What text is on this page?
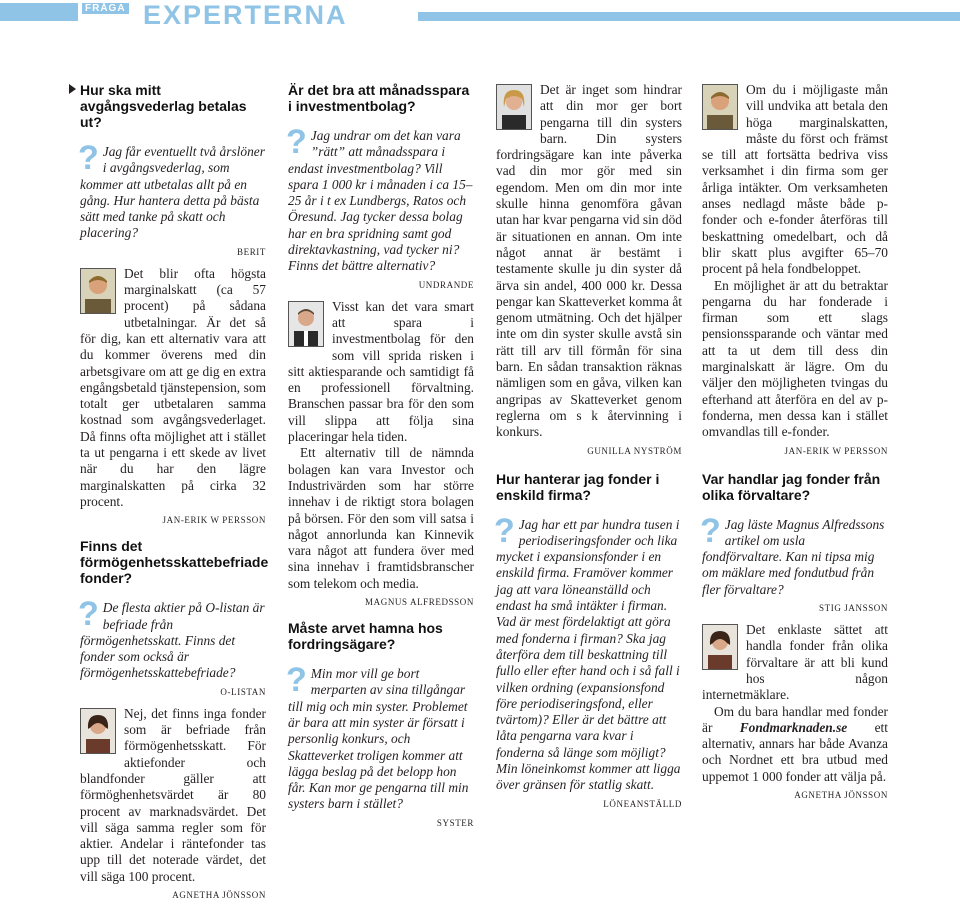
FRÅGA EXPERTERNA
Hur ska mitt avgångsvederlag betalas ut?

? Jag får eventuellt två årslöner i avgångsvederlag, som kommer att utbetalas allt på en gång. Hur hantera detta på bästa sätt med tanke på skatt och placering?

BERIT

Det blir ofta högsta marginalskatt (ca 57 procent) på sådana utbetalningar. Är det så för dig, kan ett alternativ vara att du kommer överens med din arbetsgivare om att ge dig en extra engångsbetald tjänstepension, som totalt ger utbetalaren samma kostnad som avgångsvederlaget. Då finns ofta möjlighet att i stället ta ut pengarna i ett skede av livet när du har den lägre marginalskatten på cirka 32 procent.

JAN-ERIK W PERSSON
Finns det förmögenhetsskattebefriade fonder?

? De flesta aktier på O-listan är befriade från förmögenhetsskatt. Finns det fonder som också är förmögenhetsskattebefriade?

O-LISTAN

Nej, det finns inga fonder som är befriade från förmögenhetsskatt. För aktiefonder och blandfonder gäller att förmöghenhetsvärdet är 80 procent av marknadsvärdet. Det vill säga samma regler som för aktier. Andelar i räntefonder tas upp till det noterade värdet, det vill säga 100 procent.

AGNETHA JÖNSSON
Är det bra att månadsspara i investmentbolag?

? Jag undrar om det kan vara ”rätt” att månadsspara i endast investmentbolag? Vill spara 1 000 kr i månaden i ca 15–25 år i t ex Lundbergs, Ratos och Öresund. Jag tycker dessa bolag har en bra spridning samt god direktavkastning, vad tycker ni? Finns det bättre alternativ?

UNDRANDE

Visst kan det vara smart att spara i investmentbolag för den som vill sprida risken i sitt aktiesparande och samtidigt få en professionell förvaltning. Branschen passar bra för den som vill slippa att följa sina placeringar hela tiden.

Ett alternativ till de nämnda bolagen kan vara Investor och Industrivärden som har större innehav i de riktigt stora bolagen på börsen. För den som vill satsa i något annorlunda kan Kinnevik vara något att fundera över med sina innehav i framtidsbranscher som telekom och media.

MAGNUS ALFREDSSON
Måste arvet hamna hos fordringsägare?

? Min mor vill ge bort merparten av sina tillgångar till mig och min syster. Problemet är bara att min syster är försatt i personlig konkurs, och Skatteverket troligen kommer att lägga beslag på det belopp hon får. Kan mor ge pengarna till min systers barn i stället?

SYSTER

Det är inget som hindrar att din mor ger bort pengarna till din systers barn. Din systers fordringsägare kan inte påverka vad din mor gör med sin egendom. Men om din mor inte skulle hinna genomföra gåvan utan har kvar pengarna vid sin död är situationen en annan. Om inte något annat är bestämt i testamente skulle ju din syster då ärva sin andel, 400 000 kr. Dessa pengar kan Skatteverket komma åt genom utmätning. Och det hjälper inte om din syster skulle avstå sin rätt till arv till förmån för sina barn. En sådan transaktion räknas nämligen som en gåva, vilken kan angripas av Skatteverket genom reglerna om s k återvinning i konkurs.

GUNILLA NYSTRÖM
Hur hanterar jag fonder i enskild firma?

? Jag har ett par hundra tusen i periodiseringsfonder och lika mycket i expansionsfonder i en enskild firma. Framöver kommer jag att vara löneanställd och endast ha små intäkter i firman. Vad är mest fördelaktigt att göra med fonderna i firman? Ska jag återföra dem till beskattning till fullo eller efter hand och i så fall i vilken ordning (expansionsfond före periodiseringsfond, eller tvärtom)? Eller är det bättre att låta pengarna vara kvar i fonderna så länge som möjligt? Min löneinkomst kommer att ligga över gränsen för statlig skatt.

LÖNEANSTÄLLD

Om du i möjligaste mån vill undvika att betala den höga marginalskatten, måste du först och främst se till att fortsätta bedriva viss verksamhet i din firma som ger årliga intäkter. Om verksamheten anses nedlagd måste både p-fonder och e-fonder återföras till beskattning omedelbart, och då blir skatt plus avgifter 65–70 procent på hela fondbeloppet.

En möjlighet är att du betraktar pengarna du har fonderade i firman som ett slags pensionssparande och väntar med att ta ut dem till dess din marginalskatt är lägre. Om du väljer den möjligheten tvingas du efterhand att återföra en del av p-fonderna, men dessa kan i stället omvandlas till e-fonder.

JAN-ERIK W PERSSON
Var handlar jag fonder från olika förvaltare?

? Jag läste Magnus Alfredssons artikel om usla fondförvaltare. Kan ni tipsa mig om mäklare med fondutbud från fler förvaltare?

STIG JANSSON

Det enklaste sättet att handla fonder från olika förvaltare är att bli kund hos någon internetmäklare.

Om du bara handlar med fonder är Fondmarknaden.se ett alternativ, annars har både Avanza och Nordnet ett bra utbud med uppemot 1 000 fonder att välja på.

AGNETHA JÖNSSON
